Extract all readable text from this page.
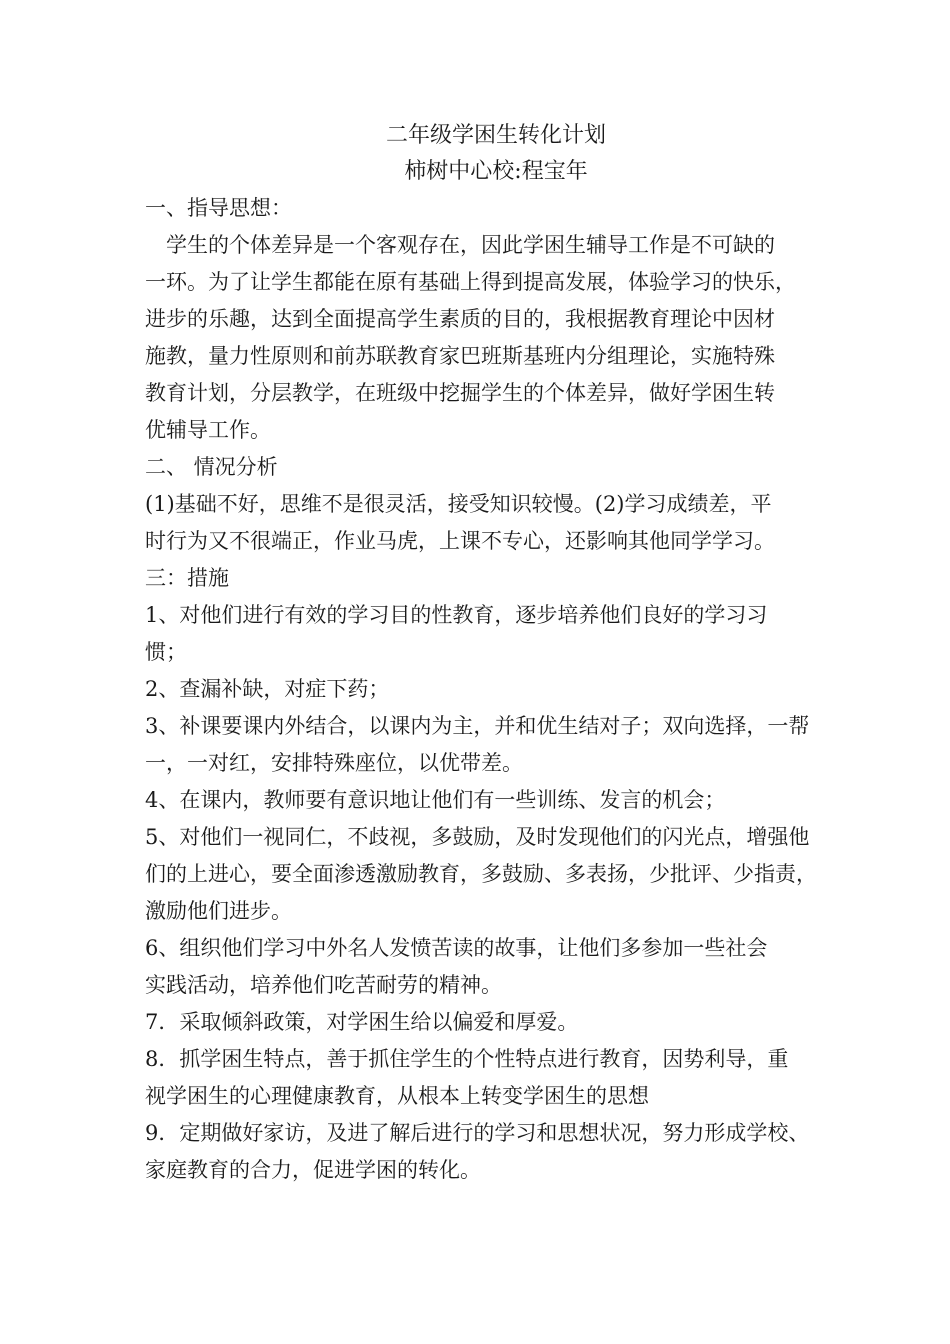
二年级学困生转化计划

柿树中心校:程宝年

一、指导思想：

学生的个体差异是一个客观存在，因此学困生辅导工作是不可缺的

一环。为了让学生都能在原有基础上得到提高发展，体验学习的快乐，

进步的乐趣，达到全面提高学生素质的目的，我根据教育理论中因材

施教，量力性原则和前苏联教育家巴班斯基班内分组理论，实施特殊

教育计划，分层教学，在班级中挖掘学生的个体差异，做好学困生转

优辅导工作。

二、 情况分析

(1)基础不好，思维不是很灵活，接受知识较慢。(2)学习成绩差，平

时行为又不很端正，作业马虎，上课不专心，还影响其他同学学习。

三：措施

1、对他们进行有效的学习目的性教育，逐步培养他们良好的学习习

惯；

2、查漏补缺，对症下药；

3、补课要课内外结合，以课内为主，并和优生结对子；双向选择，一帮

一，一对红，安排特殊座位，以优带差。

4、在课内，教师要有意识地让他们有一些训练、发言的机会；

5、对他们一视同仁，不歧视，多鼓励，及时发现他们的闪光点，增强他

们的上进心，要全面渗透激励教育，多鼓励、多表扬，少批评、少指责，

激励他们进步。

6、组织他们学习中外名人发愤苦读的故事，让他们多参加一些社会

实践活动，培养他们吃苦耐劳的精神。

7．采取倾斜政策，对学困生给以偏爱和厚爱。

8．抓学困生特点，善于抓住学生的个性特点进行教育，因势利导，重

视学困生的心理健康教育，从根本上转变学困生的思想

9．定期做好家访，及进了解后进行的学习和思想状况，努力形成学校、

家庭教育的合力，促进学困的转化。
